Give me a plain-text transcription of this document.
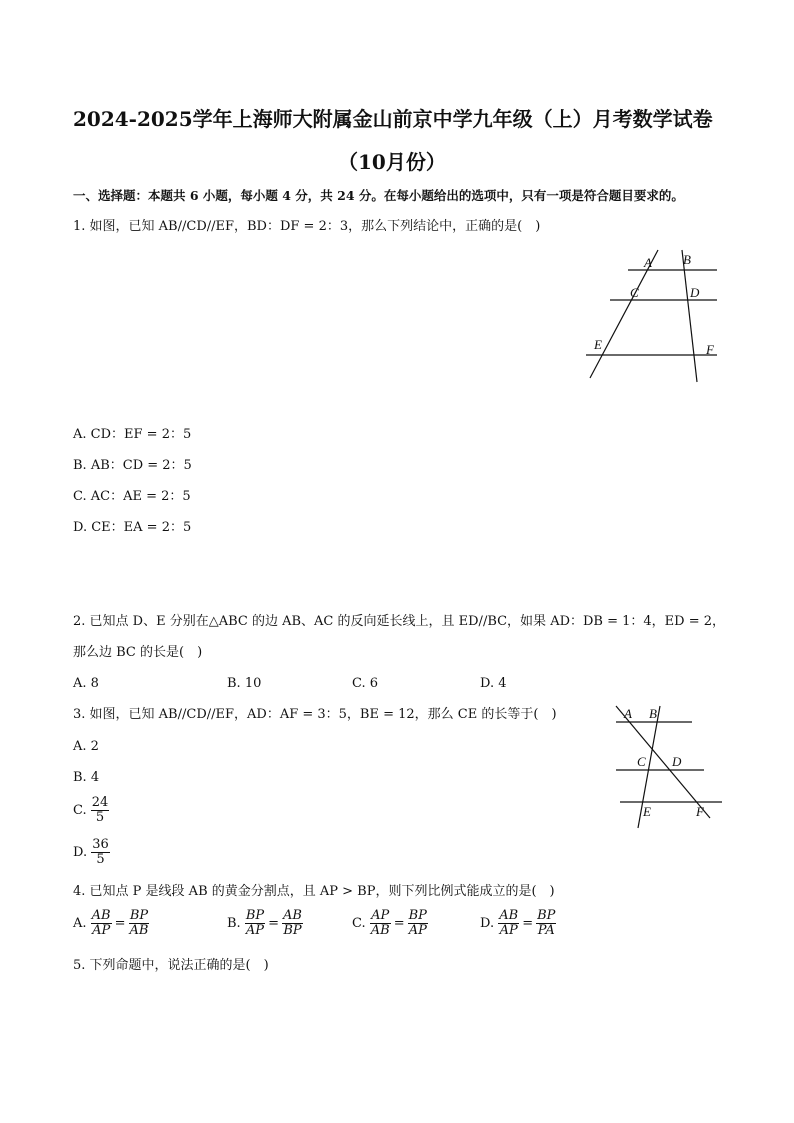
2024-2025学年上海师大附属金山前京中学九年级（上）月考数学试卷
（10月份）
一、选择题：本题共 6 小题，每小题 4 分，共 24 分。在每小题给出的选项中，只有一项是符合题目要求的。
1. 如图，已知 AB//CD//EF，BD：DF = 2：3，那么下列结论中，正确的是(　)
A B
C	D
E	F
A. CD：EF = 2：5
B. AB：CD = 2：5
C. AC：AE = 2：5
D. CE：EA = 2：5
2. 已知点 D、E 分别在△ABC 的边 AB、AC 的反向延长线上，且 ED//BC，如果 AD：DB = 1：4，ED = 2，
那么边 BC 的长是(　)
A. 8	B. 10	C. 6	D. 4
3. 如图，已知 AB//CD//EF，AD：AF = 3：5，BE = 12，那么 CE 的长等于(　)	A B
C D
E	F
A. 2
B. 4
C. $\frac{24}{5}$
D. $\frac{36}{5}$
4. 已知点 P 是线段 AB 的黄金分割点，且 AP > BP，则下列比例式能成立的是(　)
A. $\frac{AB}{AP} = \frac{BP}{AB}$	B. $\frac{BP}{AP} = \frac{AB}{BP}$	C. $\frac{AP}{AB} = \frac{BP}{AP}$	D. $\frac{AB}{AP} = \frac{BP}{PA}$
5. 下列命题中，说法正确的是(　)
